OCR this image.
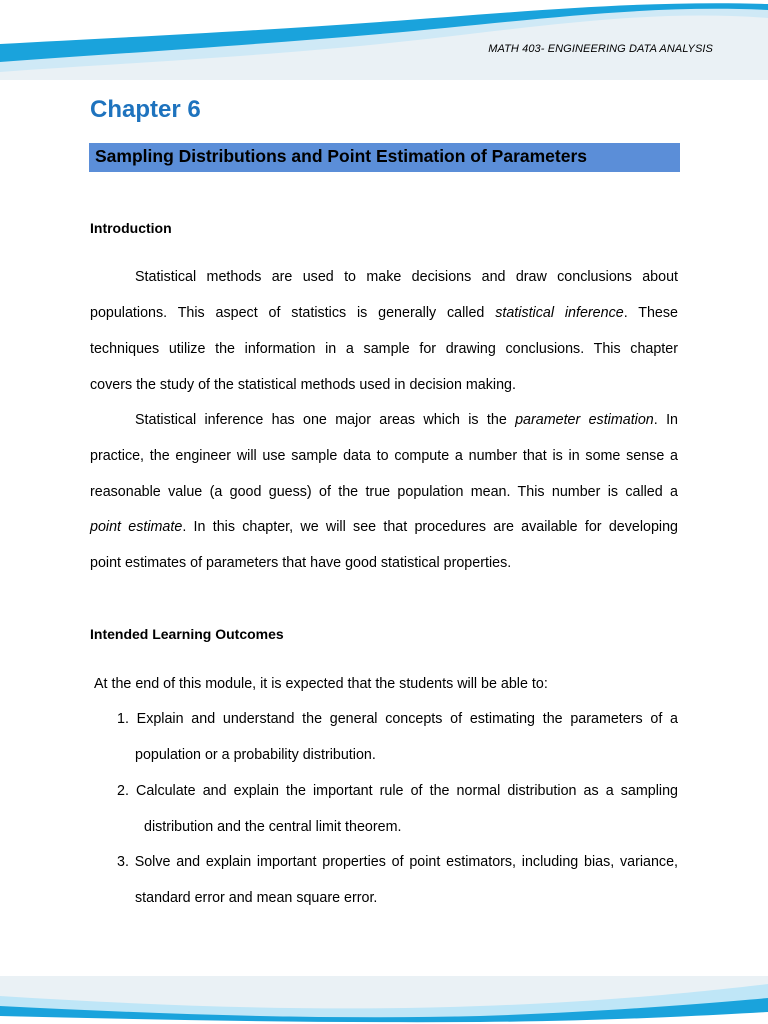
MATH 403- ENGINEERING DATA ANALYSIS
Chapter 6
Sampling Distributions and Point Estimation of Parameters
Introduction
Statistical methods are used to make decisions and draw conclusions about
populations. This aspect of statistics is generally called statistical inference. These
techniques utilize the information in a sample for drawing conclusions. This chapter
covers the study of the statistical methods used in decision making.
Statistical inference has one major areas which is the parameter estimation. In
practice, the engineer will use sample data to compute a number that is in some sense a
reasonable value (a good guess) of the true population mean. This number is called a
point estimate. In this chapter, we will see that procedures are available for developing
point estimates of parameters that have good statistical properties.
Intended Learning Outcomes
At the end of this module, it is expected that the students will be able to:
1. Explain and understand the general concepts of estimating the parameters of a
population or a probability distribution.
2. Calculate and explain the important rule of the normal distribution as a sampling
distribution and the central limit theorem.
3. Solve and explain important properties of point estimators, including bias, variance,
standard error and mean square error.
